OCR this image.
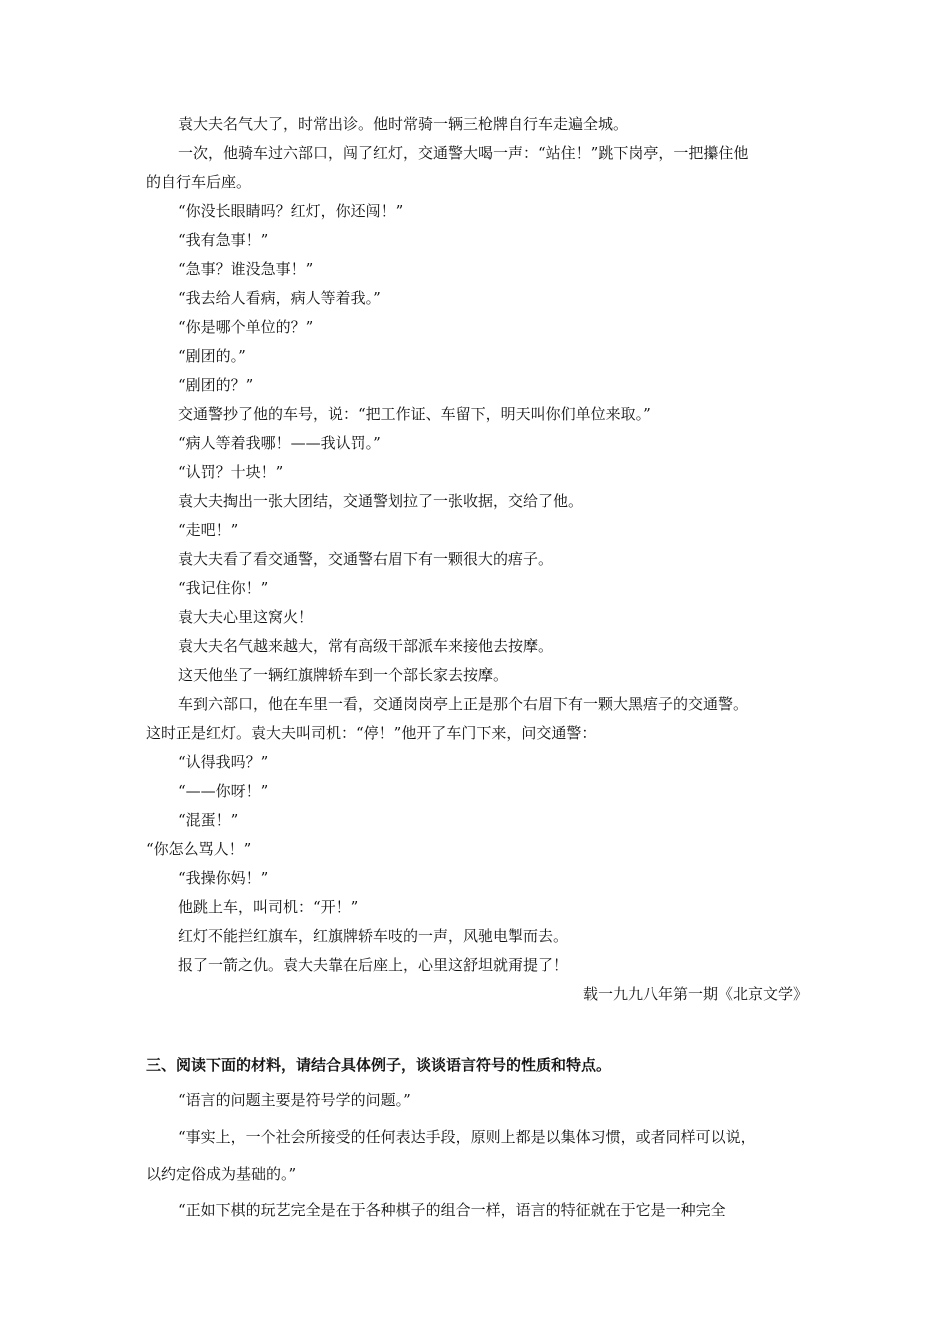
袁大夫名气大了，时常出诊。他时常骑一辆三枪牌自行车走遍全城。
一次，他骑车过六部口，闯了红灯，交通警大喝一声：“站住！”跳下岗亭，一把攥住他
的自行车后座。
“你没长眼睛吗？红灯，你还闯！”
“我有急事！”
“急事？谁没急事！”
“我去给人看病，病人等着我。”
“你是哪个单位的？”
“剧团的。”
“剧团的？”
交通警抄了他的车号，说：“把工作证、车留下，明天叫你们单位来取。”
“病人等着我哪！——我认罚。”
“认罚？十块！”
袁大夫掏出一张大团结，交通警划拉了一张收据，交给了他。
“走吧！”
袁大夫看了看交通警，交通警右眉下有一颗很大的痦子。
“我记住你！”
袁大夫心里这窝火！
袁大夫名气越来越大，常有高级干部派车来接他去按摩。
这天他坐了一辆红旗牌轿车到一个部长家去按摩。
车到六部口，他在车里一看，交通岗岗亭上正是那个右眉下有一颗大黑痦子的交通警。
这时正是红灯。袁大夫叫司机：“停！”他开了车门下来，问交通警：
“认得我吗？”
“——你呀！”
“混蛋！”
“你怎么骂人！”
“我操你妈！”
他跳上车，叫司机：“开！”
红灯不能拦红旗车，红旗牌轿车吱的一声，风驰电掣而去。
报了一箭之仇。袁大夫靠在后座上，心里这舒坦就甭提了！
载一九九八年第一期《北京文学》
三、阅读下面的材料，请结合具体例子，谈谈语言符号的性质和特点。
“语言的问题主要是符号学的问题。”
“事实上，一个社会所接受的任何表达手段，原则上都是以集体习惯，或者同样可以说，
以约定俗成为基础的。”
“正如下棋的玩艺完全是在于各种棋子的组合一样，语言的特征就在于它是一种完全
